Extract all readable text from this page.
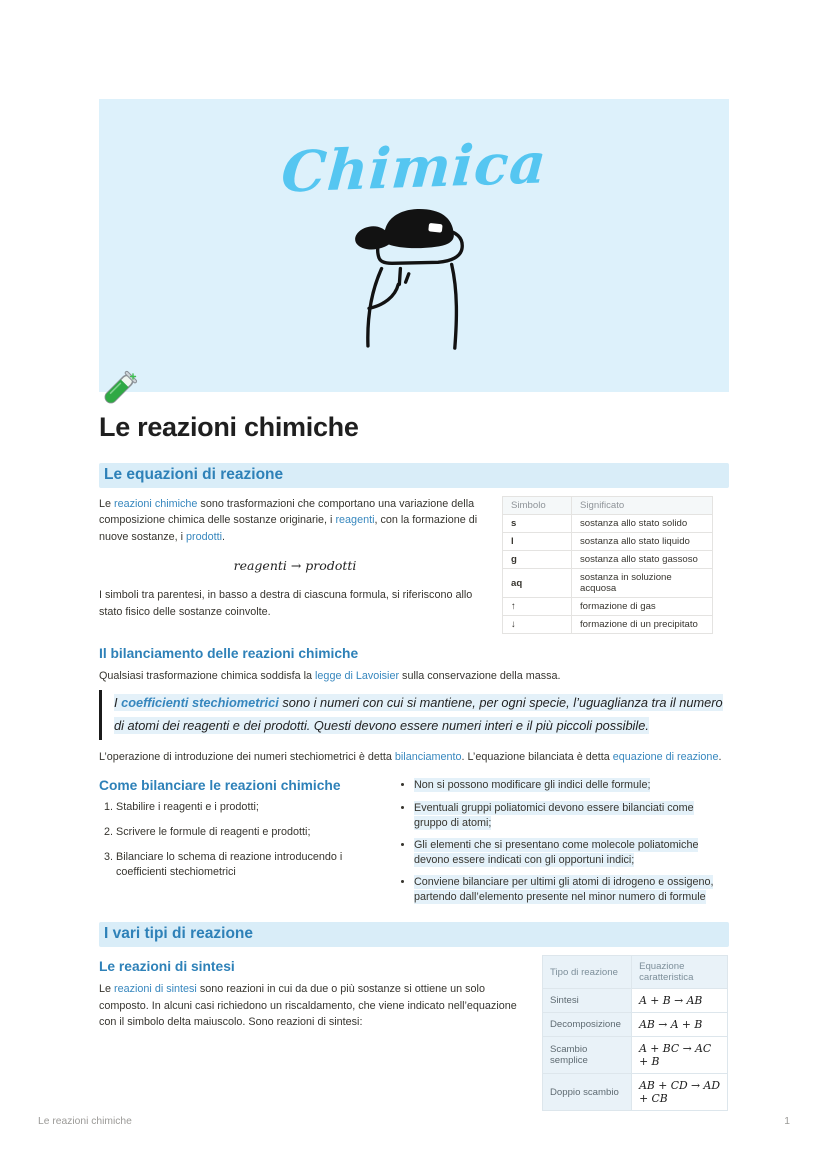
Chimica
Le reazioni chimiche
Le equazioni di reazione

Le reazioni chimiche sono trasformazioni che comportano una variazione della composizione chimica delle sostanze originarie, i reagenti, con la formazione di nuove sostanze, i prodotti.

reagenti → prodotti

I simboli tra parentesi, in basso a destra di ciascuna formula, si riferiscono allo stato fisico delle sostanze coinvolte.

Simbolo	Significato
s	sostanza allo stato solido
l	sostanza allo stato liquido
g	sostanza allo stato gassoso
aq	sostanza in soluzione acquosa
↑	formazione di gas
↓	formazione di un precipitato
Il bilanciamento delle reazioni chimiche

Qualsiasi trasformazione chimica soddisfa la legge di Lavoisier sulla conservazione della massa.

I coefficienti stechiometrici sono i numeri con cui si mantiene, per ogni specie, l’uguaglianza tra il numero di atomi dei reagenti e dei prodotti. Questi devono essere numeri interi e il più piccoli possibile.

L’operazione di introduzione dei numeri stechiometrici è detta bilanciamento. L’equazione bilanciata è detta equazione di reazione.

Come bilanciare le reazioni chimiche
1. Stabilire i reagenti e i prodotti;
2. Scrivere le formule di reagenti e prodotti;
3. Bilanciare lo schema di reazione introducendo i coefficienti stechiometrici
• Non si possono modificare gli indici delle formule;
• Eventuali gruppi poliatomici devono essere bilanciati come gruppo di atomi;
• Gli elementi che si presentano come molecole poliatomiche devono essere indicati con gli opportuni indici;
• Conviene bilanciare per ultimi gli atomi di idrogeno e ossigeno, partendo dall’elemento presente nel minor numero di formule
I vari tipi di reazione
Le reazioni di sintesi

Le reazioni di sintesi sono reazioni in cui da due o più sostanze si ottiene un solo composto. In alcuni casi richiedono un riscaldamento, che viene indicato nell’equazione con il simbolo delta maiuscolo. Sono reazioni di sintesi:

Tipo di reazione	Equazione caratteristica
Sintesi	A + B → AB
Decomposizione	AB → A + B
Scambio semplice	A + BC → AC + B
Doppio scambio	AB + CD → AD + CB
Le reazioni chimiche	1
